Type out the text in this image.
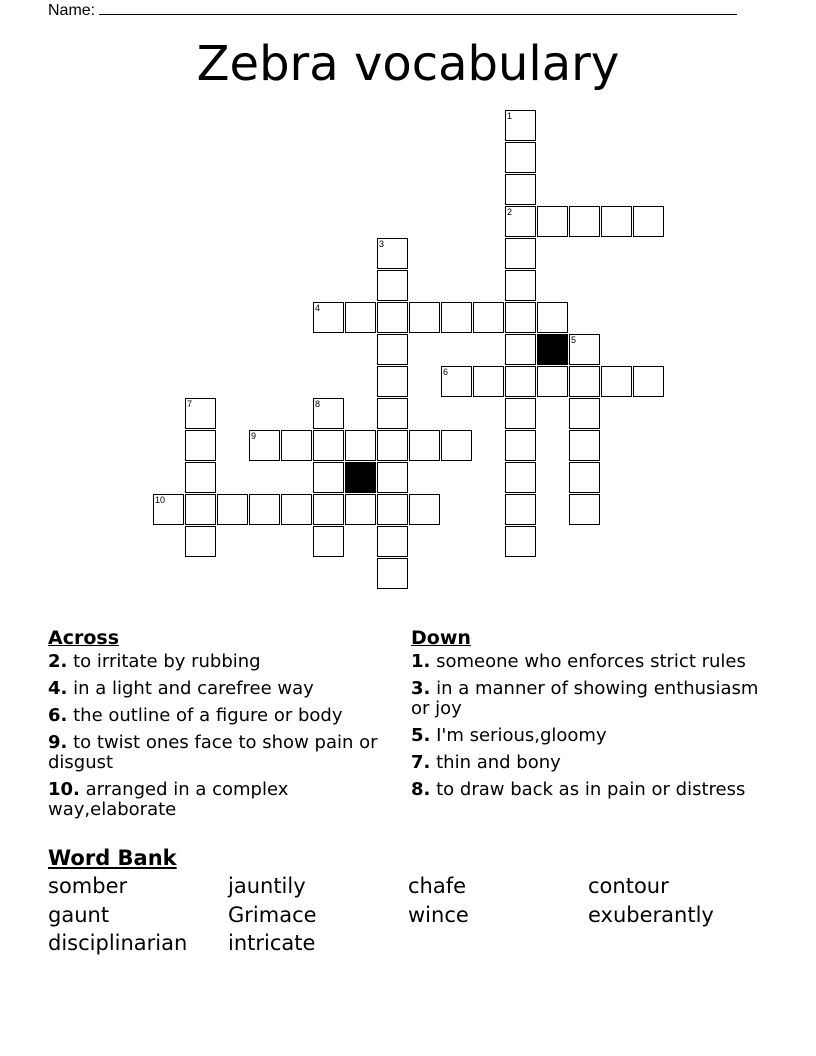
Name:
Zebra vocabulary
1
2
3
4
5
6
7	8
9
10
Across
2. to irritate by rubbing
4. in a light and carefree way
6. the outline of a figure or body
9. to twist ones face to show pain or disgust
10. arranged in a complex way,elaborate
Down
1. someone who enforces strict rules
3. in a manner of showing enthusiasm or joy
5. I'm serious,gloomy
7. thin and bony
8. to draw back as in pain or distress
Word Bank
somber	jauntily	chafe	contour
gaunt	Grimace	wince	exuberantly
disciplinarian intricate
